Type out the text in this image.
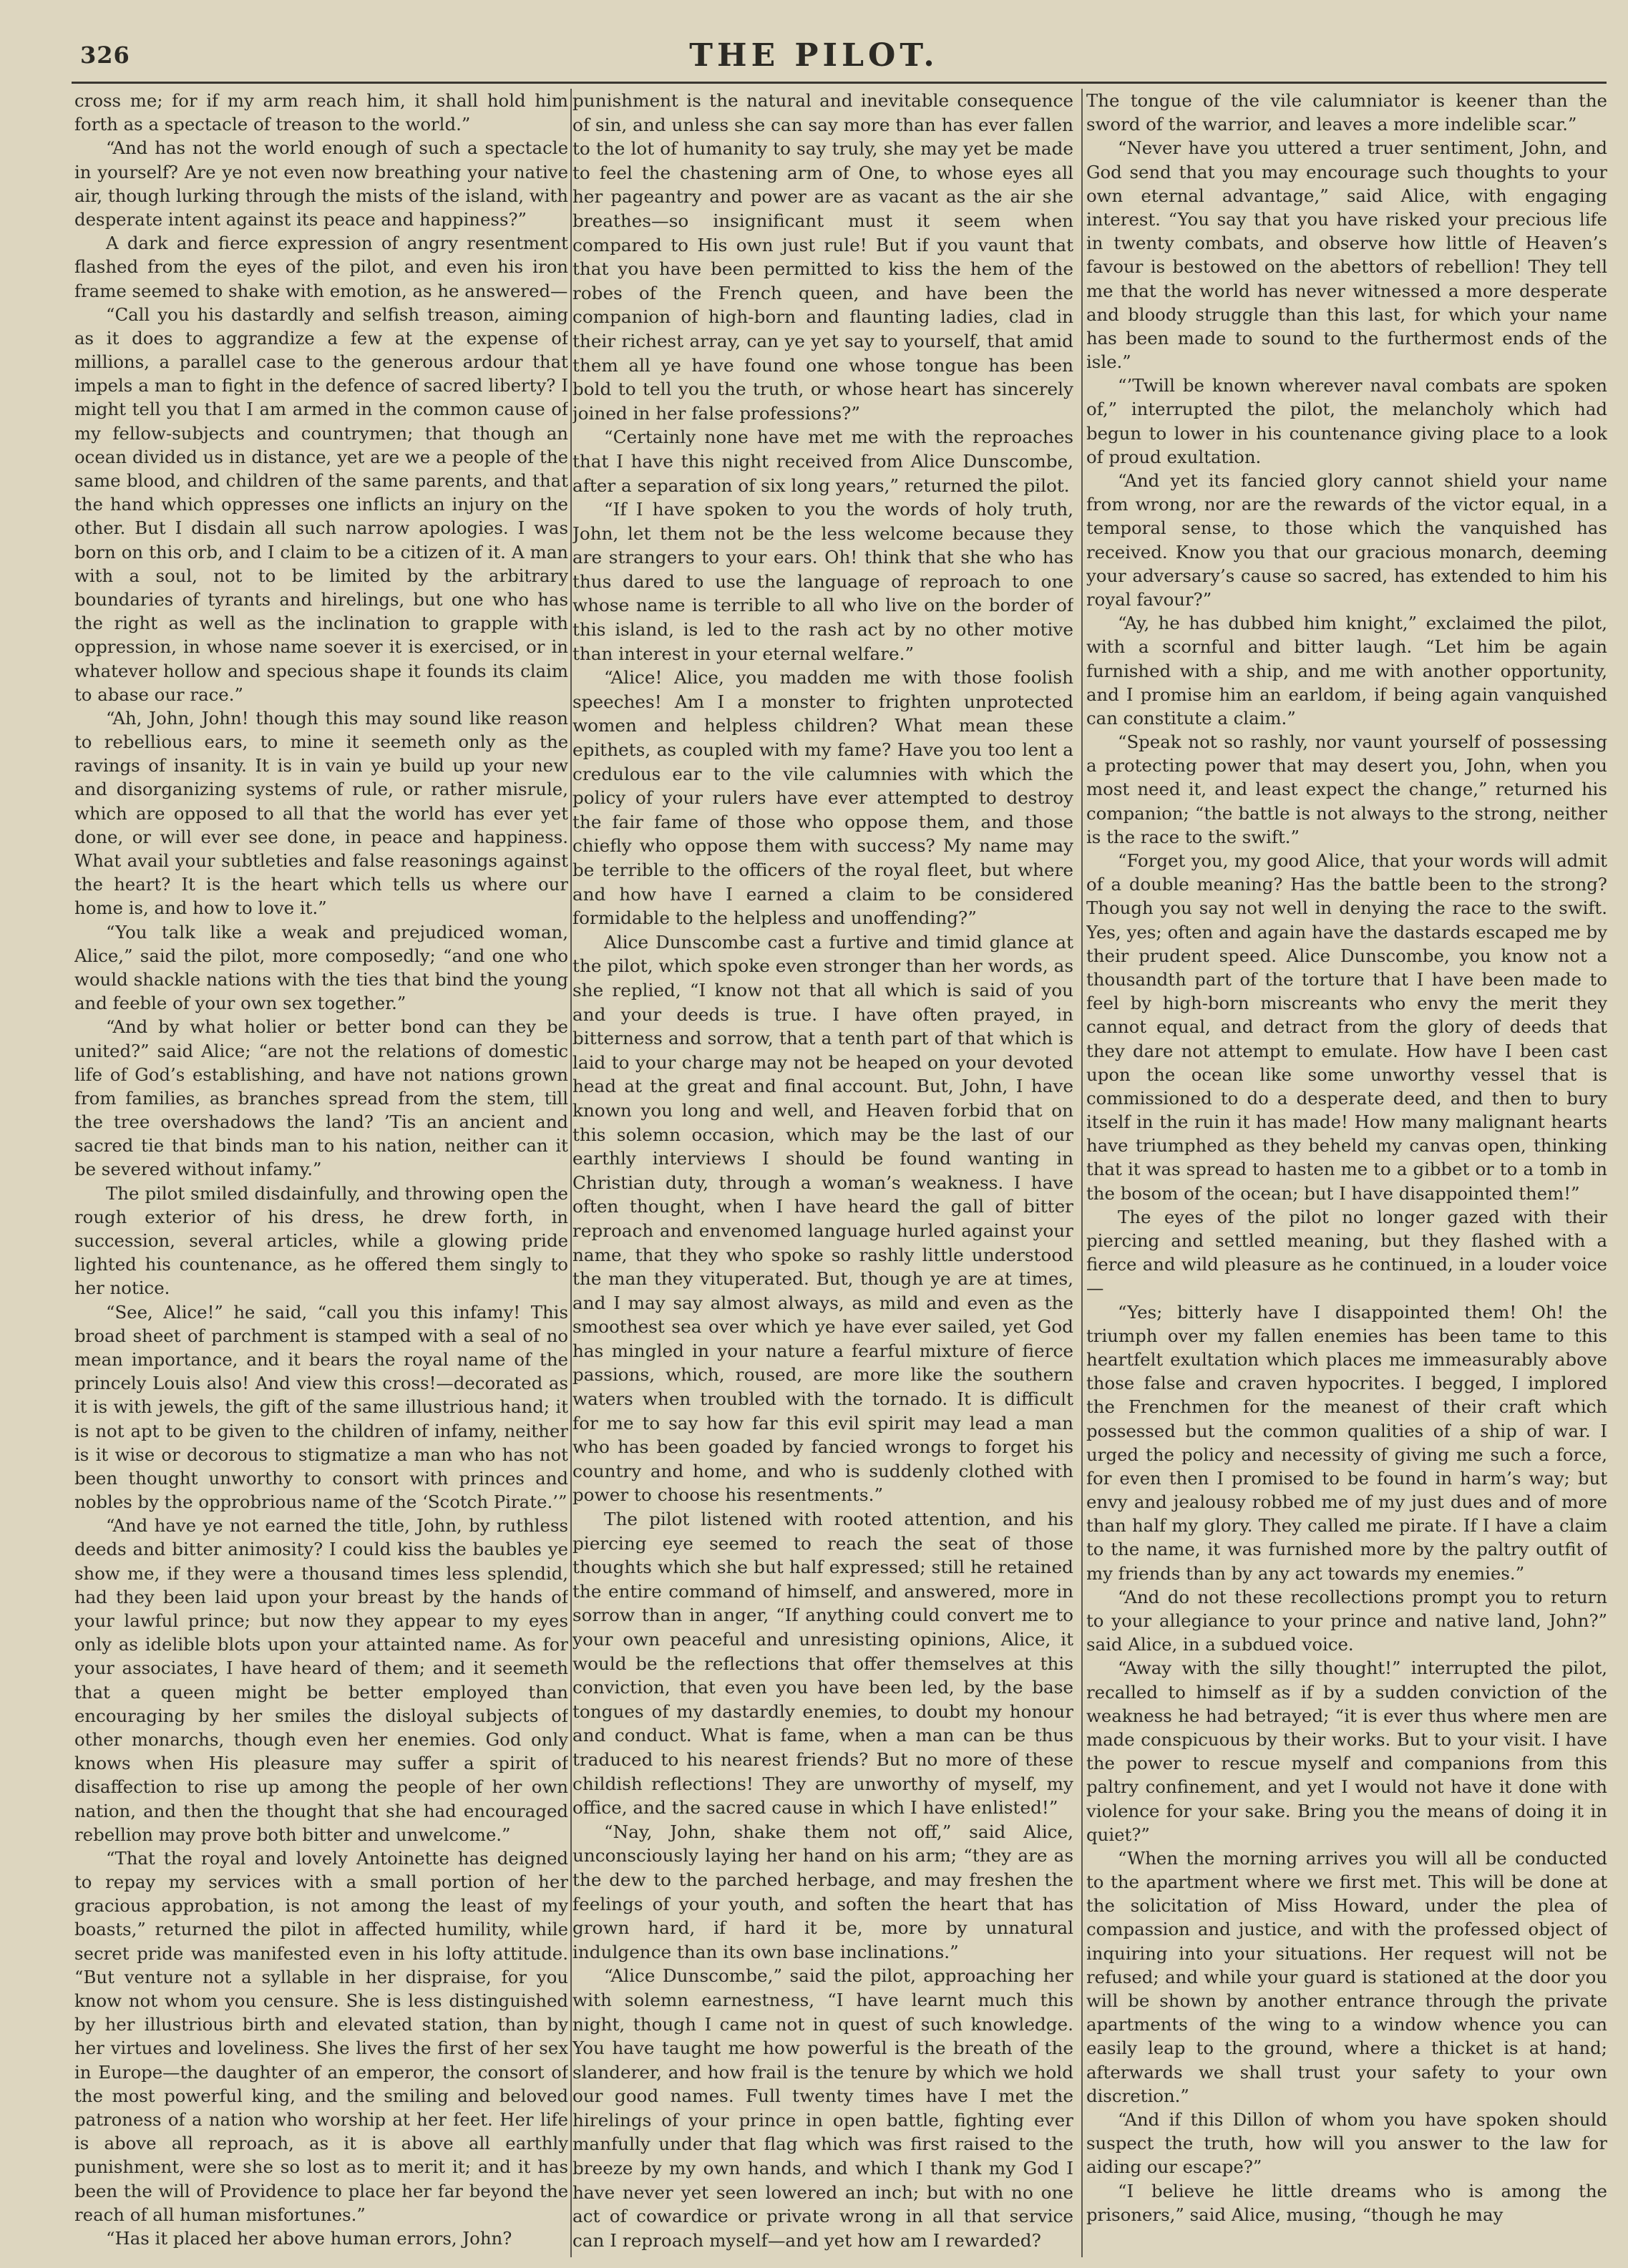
326	THE PILOT.

cross me; for if my arm reach him, it shall hold him forth as a spectacle of treason to the world.”

“And has not the world enough of such a spectacle in yourself? Are ye not even now breathing your native air, though lurking through the mists of the island, with desperate intent against its peace and happiness?”

A dark and fierce expression of angry resentment flashed from the eyes of the pilot, and even his iron frame seemed to shake with emotion, as he answered—

“Call you his dastardly and selfish treason, aiming as it does to aggrandize a few at the expense of millions, a parallel case to the generous ardour that impels a man to fight in the defence of sacred liberty? I might tell you that I am armed in the common cause of my fellow-subjects and countrymen; that though an ocean divided us in distance, yet are we a people of the same blood, and children of the same parents, and that the hand which oppresses one inflicts an injury on the other. But I disdain all such narrow apologies. I was born on this orb, and I claim to be a citizen of it. A man with a soul, not to be limited by the arbitrary boundaries of tyrants and hirelings, but one who has the right as well as the inclination to grapple with oppression, in whose name soever it is exercised, or in whatever hollow and specious shape it founds its claim to abase our race.”

“Ah, John, John! though this may sound like reason to rebellious ears, to mine it seemeth only as the ravings of insanity. It is in vain ye build up your new and disorganizing systems of rule, or rather misrule, which are opposed to all that the world has ever yet done, or will ever see done, in peace and happiness. What avail your subtleties and false reasonings against the heart? It is the heart which tells us where our home is, and how to love it.”

“You talk like a weak and prejudiced woman, Alice,” said the pilot, more composedly; “and one who would shackle nations with the ties that bind the young and feeble of your own sex together.”

“And by what holier or better bond can they be united?” said Alice; “are not the relations of domestic life of God’s establishing, and have not nations grown from families, as branches spread from the stem, till the tree overshadows the land? ’Tis an ancient and sacred tie that binds man to his nation, neither can it be severed without infamy.”

The pilot smiled disdainfully, and throwing open the rough exterior of his dress, he drew forth, in succession, several articles, while a glowing pride lighted his countenance, as he offered them singly to her notice.

“See, Alice!” he said, “call you this infamy! This broad sheet of parchment is stamped with a seal of no mean importance, and it bears the royal name of the princely Louis also! And view this cross!—decorated as it is with jewels, the gift of the same illustrious hand; it is not apt to be given to the children of infamy, neither is it wise or decorous to stigmatize a man who has not been thought unworthy to consort with princes and nobles by the opprobrious name of the ‘Scotch Pirate.’”

“And have ye not earned the title, John, by ruthless deeds and bitter animosity? I could kiss the baubles ye show me, if they were a thousand times less splendid, had they been laid upon your breast by the hands of your lawful prince; but now they appear to my eyes only as idelible blots upon your attainted name. As for your associates, I have heard of them; and it seemeth that a queen might be better employed than encouraging by her smiles the disloyal subjects of other monarchs, though even her enemies. God only knows when His pleasure may suffer a spirit of disaffection to rise up among the people of her own nation, and then the thought that she had encouraged rebellion may prove both bitter and unwelcome.”

“That the royal and lovely Antoinette has deigned to repay my services with a small portion of her gracious approbation, is not among the least of my boasts,” returned the pilot in affected humility, while secret pride was manifested even in his lofty attitude. “But venture not a syllable in her dispraise, for you know not whom you censure. She is less distinguished by her illustrious birth and elevated station, than by her virtues and loveliness. She lives the first of her sex in Europe—the daughter of an emperor, the consort of the most powerful king, and the smiling and beloved patroness of a nation who worship at her feet. Her life is above all reproach, as it is above all earthly punishment, were she so lost as to merit it; and it has been the will of Providence to place her far beyond the reach of all human misfortunes.”

“Has it placed her above human errors, John?

punishment is the natural and inevitable consequence of sin, and unless she can say more than has ever fallen to the lot of humanity to say truly, she may yet be made to feel the chastening arm of One, to whose eyes all her pageantry and power are as vacant as the air she breathes—so insignificant must it seem when compared to His own just rule! But if you vaunt that that you have been permitted to kiss the hem of the robes of the French queen, and have been the companion of high-born and flaunting ladies, clad in their richest array, can ye yet say to yourself, that amid them all ye have found one whose tongue has been bold to tell you the truth, or whose heart has sincerely joined in her false professions?”

“Certainly none have met me with the reproaches that I have this night received from Alice Dunscombe, after a separation of six long years,” returned the pilot.

“If I have spoken to you the words of holy truth, John, let them not be the less welcome because they are strangers to your ears. Oh! think that she who has thus dared to use the language of reproach to one whose name is terrible to all who live on the border of this island, is led to the rash act by no other motive than interest in your eternal welfare.”

“Alice! Alice, you madden me with those foolish speeches! Am I a monster to frighten unprotected women and helpless children? What mean these epithets, as coupled with my fame? Have you too lent a credulous ear to the vile calumnies with which the policy of your rulers have ever attempted to destroy the fair fame of those who oppose them, and those chiefly who oppose them with success? My name may be terrible to the officers of the royal fleet, but where and how have I earned a claim to be considered formidable to the helpless and unoffending?”

Alice Dunscombe cast a furtive and timid glance at the pilot, which spoke even stronger than her words, as she replied, “I know not that all which is said of you and your deeds is true. I have often prayed, in bitterness and sorrow, that a tenth part of that which is laid to your charge may not be heaped on your devoted head at the great and final account. But, John, I have known you long and well, and Heaven forbid that on this solemn occasion, which may be the last of our earthly interviews I should be found wanting in Christian duty, through a woman’s weakness. I have often thought, when I have heard the gall of bitter reproach and envenomed language hurled against your name, that they who spoke so rashly little understood the man they vituperated. But, though ye are at times, and I may say almost always, as mild and even as the smoothest sea over which ye have ever sailed, yet God has mingled in your nature a fearful mixture of fierce passions, which, roused, are more like the southern waters when troubled with the tornado. It is difficult for me to say how far this evil spirit may lead a man who has been goaded by fancied wrongs to forget his country and home, and who is suddenly clothed with power to choose his resentments.”

The pilot listened with rooted attention, and his piercing eye seemed to reach the seat of those thoughts which she but half expressed; still he retained the entire command of himself, and answered, more in sorrow than in anger, “If anything could convert me to your own peaceful and unresisting opinions, Alice, it would be the reflections that offer themselves at this conviction, that even you have been led, by the base tongues of my dastardly enemies, to doubt my honour and conduct. What is fame, when a man can be thus traduced to his nearest friends? But no more of these childish reflections! They are unworthy of myself, my office, and the sacred cause in which I have enlisted!”

“Nay, John, shake them not off,” said Alice, unconsciously laying her hand on his arm; “they are as the dew to the parched herbage, and may freshen the feelings of your youth, and soften the heart that has grown hard, if hard it be, more by unnatural indulgence than its own base inclinations.”

“Alice Dunscombe,” said the pilot, approaching her with solemn earnestness, “I have learnt much this night, though I came not in quest of such knowledge. You have taught me how powerful is the breath of the slanderer, and how frail is the tenure by which we hold our good names. Full twenty times have I met the hirelings of your prince in open battle, fighting ever manfully under that flag which was first raised to the breeze by my own hands, and which I thank my God I have never yet seen lowered an inch; but with no one act of cowardice or private wrong in all that service can I reproach myself—and yet how am I rewarded?

The tongue of the vile calumniator is keener than the sword of the warrior, and leaves a more indelible scar.”

“Never have you uttered a truer sentiment, John, and God send that you may encourage such thoughts to your own eternal advantage,” said Alice, with engaging interest. “You say that you have risked your precious life in twenty combats, and observe how little of Heaven’s favour is bestowed on the abettors of rebellion! They tell me that the world has never witnessed a more desperate and bloody struggle than this last, for which your name has been made to sound to the furthermost ends of the isle.”

“’Twill be known wherever naval combats are spoken of,” interrupted the pilot, the melancholy which had begun to lower in his countenance giving place to a look of proud exultation.

“And yet its fancied glory cannot shield your name from wrong, nor are the rewards of the victor equal, in a temporal sense, to those which the vanquished has received. Know you that our gracious monarch, deeming your adversary’s cause so sacred, has extended to him his royal favour?”

“Ay, he has dubbed him knight,” exclaimed the pilot, with a scornful and bitter laugh. “Let him be again furnished with a ship, and me with another opportunity, and I promise him an earldom, if being again vanquished can constitute a claim.”

“Speak not so rashly, nor vaunt yourself of possessing a protecting power that may desert you, John, when you most need it, and least expect the change,” returned his companion; “the battle is not always to the strong, neither is the race to the swift.”

“Forget you, my good Alice, that your words will admit of a double meaning? Has the battle been to the strong? Though you say not well in denying the race to the swift. Yes, yes; often and again have the dastards escaped me by their prudent speed. Alice Dunscombe, you know not a thousandth part of the torture that I have been made to feel by high-born miscreants who envy the merit they cannot equal, and detract from the glory of deeds that they dare not attempt to emulate. How have I been cast upon the ocean like some unworthy vessel that is commissioned to do a desperate deed, and then to bury itself in the ruin it has made! How many malignant hearts have triumphed as they beheld my canvas open, thinking that it was spread to hasten me to a gibbet or to a tomb in the bosom of the ocean; but I have disappointed them!”

The eyes of the pilot no longer gazed with their piercing and settled meaning, but they flashed with a fierce and wild pleasure as he continued, in a louder voice—

“Yes; bitterly have I disappointed them! Oh! the triumph over my fallen enemies has been tame to this heartfelt exultation which places me immeasurably above those false and craven hypocrites. I begged, I implored the Frenchmen for the meanest of their craft which possessed but the common qualities of a ship of war. I urged the policy and necessity of giving me such a force, for even then I promised to be found in harm’s way; but envy and jealousy robbed me of my just dues and of more than half my glory. They called me pirate. If I have a claim to the name, it was furnished more by the paltry outfit of my friends than by any act towards my enemies.”

“And do not these recollections prompt you to return to your allegiance to your prince and native land, John?” said Alice, in a subdued voice.

“Away with the silly thought!” interrupted the pilot, recalled to himself as if by a sudden conviction of the weakness he had betrayed; “it is ever thus where men are made conspicuous by their works. But to your visit. I have the power to rescue myself and companions from this paltry confinement, and yet I would not have it done with violence for your sake. Bring you the means of doing it in quiet?”

“When the morning arrives you will all be conducted to the apartment where we first met. This will be done at the solicitation of Miss Howard, under the plea of compassion and justice, and with the professed object of inquiring into your situations. Her request will not be refused; and while your guard is stationed at the door you will be shown by another entrance through the private apartments of the wing to a window whence you can easily leap to the ground, where a thicket is at hand; afterwards we shall trust your safety to your own discretion.”

“And if this Dillon of whom you have spoken should suspect the truth, how will you answer to the law for aiding our escape?”

“I believe he little dreams who is among the prisoners,” said Alice, musing, “though he may
